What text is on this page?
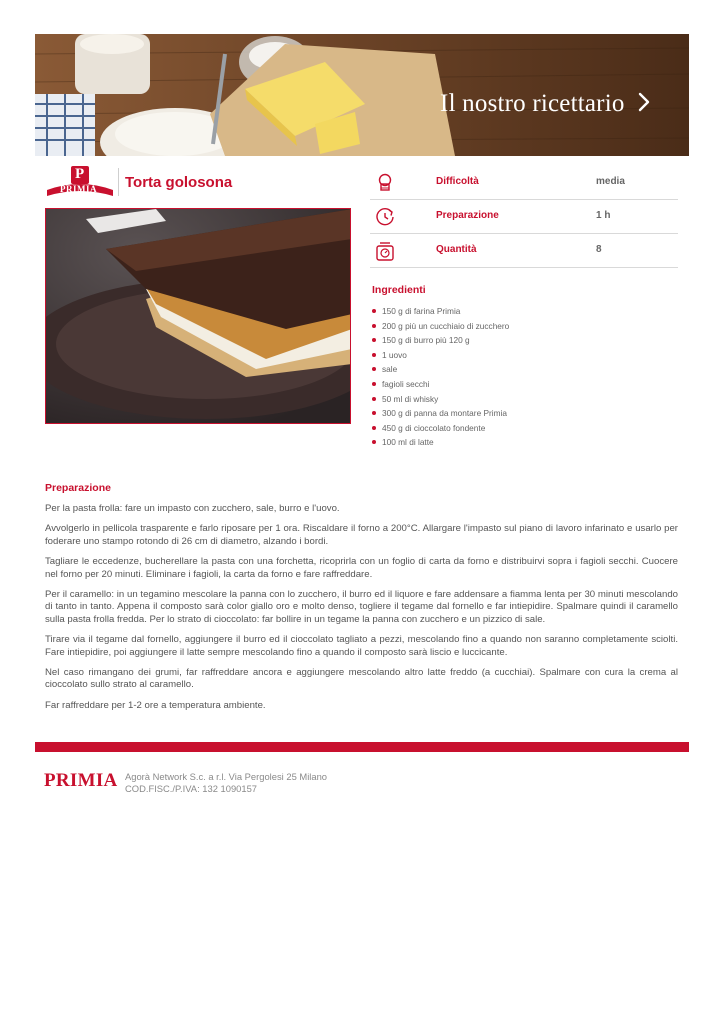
Il nostro ricettario
P
PRIMIA Torta golosona	Difficoltà	media
Preparazione	1 h
Quantità	8
Ingredienti
150 g di farina Primia
200 g più un cucchiaio di zucchero
150 g di burro più 120 g
1 uovo
sale
fagioli secchi
50 ml di whisky
300 g di panna da montare Primia
450 g di cioccolato fondente
100 ml di latte
Preparazione

Per la pasta frolla: fare un impasto con zucchero, sale, burro e l'uovo.

Avvolgerlo in pellicola trasparente e farlo riposare per 1 ora. Riscaldare il forno a 200°C. Allargare l'impasto sul piano di lavoro infarinato e usarlo per foderare uno stampo rotondo di 26 cm di diametro, alzando i bordi.

Tagliare le eccedenze, bucherellare la pasta con una forchetta, ricoprirla con un foglio di carta da forno e distribuirvi sopra i fagioli secchi. Cuocere nel forno per 20 minuti. Eliminare i fagioli, la carta da forno e fare raffreddare.

Per il caramello: in un tegamino mescolare la panna con lo zucchero, il burro ed il liquore e fare addensare a fiamma lenta per 30 minuti mescolando di tanto in tanto. Appena il composto sarà color giallo oro e molto denso, togliere il tegame dal fornello e far intiepidire. Spalmare quindi il caramello sulla pasta frolla fredda. Per lo strato di cioccolato: far bollire in un tegame la panna con zucchero e un pizzico di sale.

Tirare via il tegame dal fornello, aggiungere il burro ed il cioccolato tagliato a pezzi, mescolando fino a quando non saranno completamente sciolti. Fare intiepidire, poi aggiungere il latte sempre mescolando fino a quando il composto sarà liscio e luccicante.

Nel caso rimangano dei grumi, far raffreddare ancora e aggiungere mescolando altro latte freddo (a cucchiai). Spalmare con cura la crema al cioccolato sullo strato al caramello.

Far raffreddare per 1-2 ore a temperatura ambiente.

PRIMIA Agorà Network S.c. a r.l. Via Pergolesi 25 Milano
COD.FISC./P.IVA: 132 1090157
